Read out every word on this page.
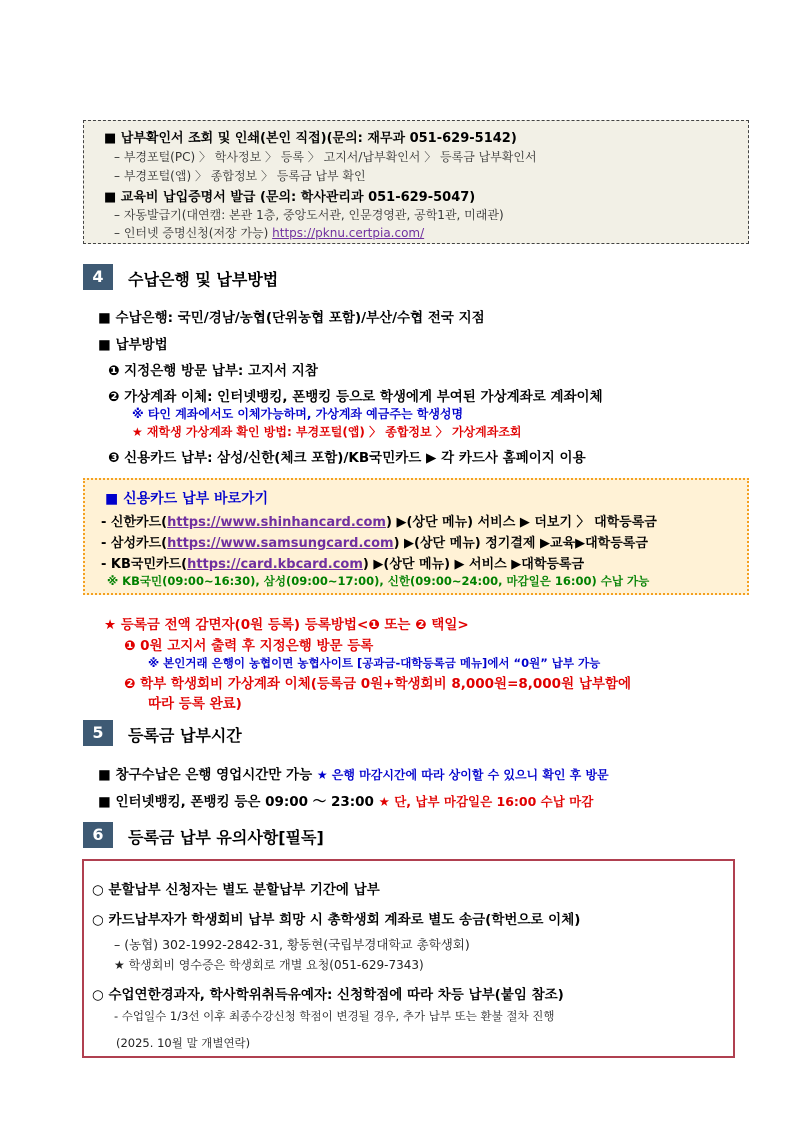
■ 납부확인서 조회 및 인쇄(본인 직접)(문의: 재무과 051-629-5142)
– 부경포털(PC) 〉 학사정보 〉 등록 〉 고지서/납부확인서 〉 등록금 납부확인서
– 부경포털(앱) 〉 종합정보 〉 등록금 납부 확인
■ 교육비 납입증명서 발급 (문의: 학사관리과 051-629-5047)
– 자동발급기(대연캠: 본관 1층, 중앙도서관, 인문경영관, 공학1관, 미래관)
– 인터넷 증명신청(저장 가능) https://pknu.certpia.com/
4	수납은행 및 납부방법
■ 수납은행: 국민/경남/농협(단위농협 포함)/부산/수협 전국 지점
■ 납부방법
❶ 지정은행 방문 납부: 고지서 지참
❷ 가상계좌 이체: 인터넷뱅킹, 폰뱅킹 등으로 학생에게 부여된 가상계좌로 계좌이체
※ 타인 계좌에서도 이체가능하며, 가상계좌 예금주는 학생성명
★ 재학생 가상계좌 확인 방법: 부경포털(앱) 〉 종합정보 〉 가상계좌조회
❸ 신용카드 납부: 삼성/신한(체크 포함)/KB국민카드 ▶ 각 카드사 홈페이지 이용
■ 신용카드 납부 바로가기
- 신한카드(https://www.shinhancard.com) ▶(상단 메뉴) 서비스 ▶ 더보기 〉 대학등록금
- 삼성카드(https://www.samsungcard.com) ▶(상단 메뉴) 정기결제 ▶교육▶대학등록금
- KB국민카드(https://card.kbcard.com) ▶(상단 메뉴) ▶ 서비스 ▶대학등록금
※ KB국민(09:00~16:30), 삼성(09:00~17:00), 신한(09:00~24:00, 마감일은 16:00) 수납 가능
★ 등록금 전액 감면자(0원 등록) 등록방법<❶ 또는 ❷ 택일>
❶ 0원 고지서 출력 후 지정은행 방문 등록
※ 본인거래 은행이 농협이면 농협사이트 [공과금-대학등록금 메뉴]에서 “0원” 납부 가능
❷ 학부 학생회비 가상계좌 이체(등록금 0원+학생회비 8,000원=8,000원 납부함에
따라 등록 완료)
5	등록금 납부시간
■ 창구수납은 은행 영업시간만 가능 ★ 은행 마감시간에 따라 상이할 수 있으니 확인 후 방문
■ 인터넷뱅킹, 폰뱅킹 등은 09:00 ～ 23:00 ★ 단, 납부 마감일은 16:00 수납 마감
6	등록금 납부 유의사항[필독]
○ 분할납부 신청자는 별도 분할납부 기간에 납부
○ 카드납부자가 학생회비 납부 희망 시 총학생회 계좌로 별도 송금(학번으로 이체)
– (농협) 302-1992-2842-31, 황동현(국립부경대학교 총학생회)
★ 학생회비 영수증은 학생회로 개별 요청(051-629-7343)
○ 수업연한경과자, 학사학위취득유예자: 신청학점에 따라 차등 납부(붙임 참조)
- 수업일수 1/3선 이후 최종수강신청 학점이 변경될 경우, 추가 납부 또는 환불 절차 진행
(2025. 10월 말 개별연락)
